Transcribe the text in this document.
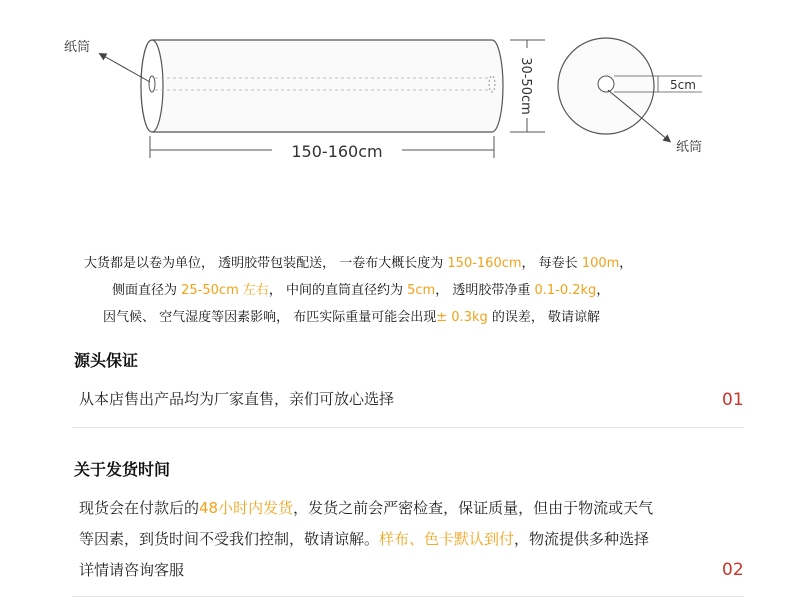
纸筒
150-160cm
30-50cm	5cm
纸筒
大货都是以卷为单位， 透明胶带包装配送， 一卷布大概长度为 150-160cm， 每卷长 100m，
侧面直径为 25-50cm 左右， 中间的直筒直径约为 5cm， 透明胶带净重 0.1-0.2kg，
因气候、 空气湿度等因素影响， 布匹实际重量可能会出现± 0.3kg 的误差， 敬请谅解
源头保证
从本店售出产品均为厂家直售，亲们可放心选择	01
关于发货时间
现货会在付款后的48小时内发货，发货之前会严密检查，保证质量，但由于物流或天气
等因素，到货时间不受我们控制，敬请谅解。样布、色卡默认到付，物流提供多种选择
详情请咨询客服	02
